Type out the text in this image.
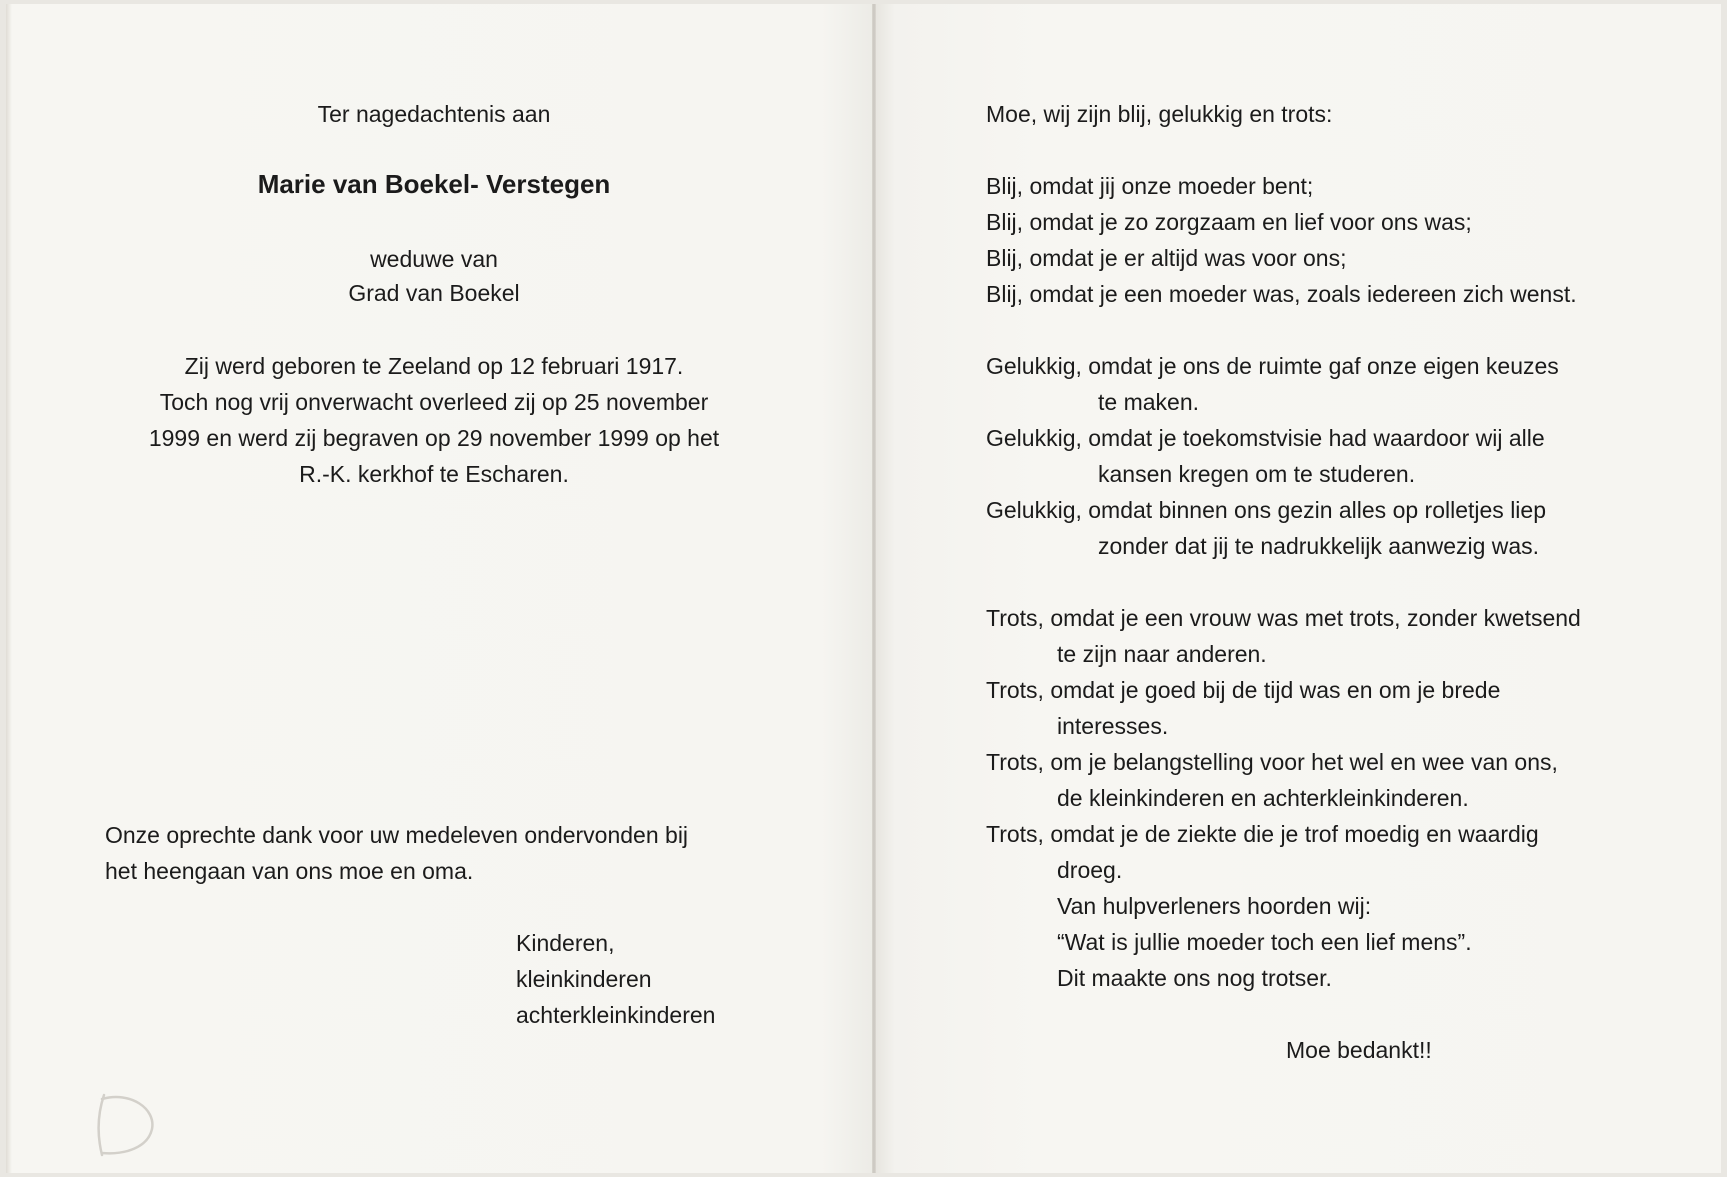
Ter nagedachtenis aan
Marie van Boekel- Verstegen
weduwe van
Grad van Boekel
Zij werd geboren te Zeeland op 12 februari 1917.
Toch nog vrij onverwacht overleed zij op 25 november
1999 en werd zij begraven op 29 november 1999 op het
R.-K. kerkhof te Escharen.
Onze oprechte dank voor uw medeleven ondervonden bij
het heengaan van ons moe en oma.
Kinderen,
kleinkinderen
achterkleinkinderen
Moe, wij zijn blij, gelukkig en trots:
Blij, omdat jij onze moeder bent;
Blij, omdat je zo zorgzaam en lief voor ons was;
Blij, omdat je er altijd was voor ons;
Blij, omdat je een moeder was, zoals iedereen zich wenst.
Gelukkig, omdat je ons de ruimte gaf onze eigen keuzes
te maken.
Gelukkig, omdat je toekomstvisie had waardoor wij alle
kansen kregen om te studeren.
Gelukkig, omdat binnen ons gezin alles op rolletjes liep
zonder dat jij te nadrukkelijk aanwezig was.
Trots, omdat je een vrouw was met trots, zonder kwetsend
te zijn naar anderen.
Trots, omdat je goed bij de tijd was en om je brede
interesses.
Trots, om je belangstelling voor het wel en wee van ons,
de kleinkinderen en achterkleinkinderen.
Trots, omdat je de ziekte die je trof moedig en waardig
droeg.
Van hulpverleners hoorden wij:
“Wat is jullie moeder toch een lief mens”.
Dit maakte ons nog trotser.
Moe bedankt!!
